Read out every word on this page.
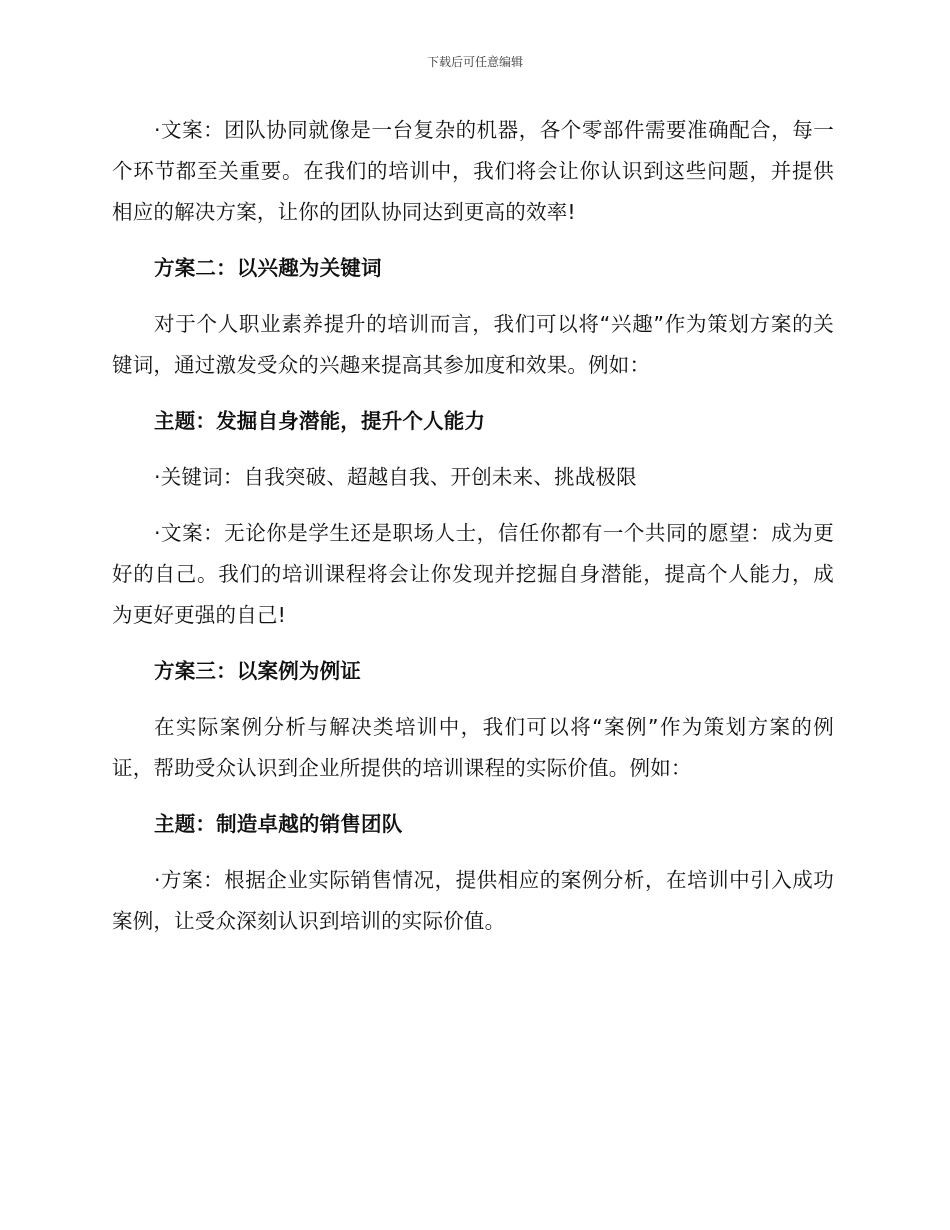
下载后可任意编辑

·文案：团队协同就像是一台复杂的机器，各个零部件需要准确配合，每一个环节都至关重要。在我们的培训中，我们将会让你认识到这些问题，并提供相应的解决方案，让你的团队协同达到更高的效率!

方案二：以兴趣为关键词

对于个人职业素养提升的培训而言，我们可以将“兴趣”作为策划方案的关键词，通过激发受众的兴趣来提高其参加度和效果。例如：

主题：发掘自身潜能，提升个人能力

·关键词：自我突破、超越自我、开创未来、挑战极限

·文案：无论你是学生还是职场人士，信任你都有一个共同的愿望：成为更好的自己。我们的培训课程将会让你发现并挖掘自身潜能，提高个人能力，成为更好更强的自己!

方案三：以案例为例证

在实际案例分析与解决类培训中，我们可以将“案例”作为策划方案的例证，帮助受众认识到企业所提供的培训课程的实际价值。例如：

主题：制造卓越的销售团队

·方案：根据企业实际销售情况，提供相应的案例分析，在培训中引入成功案例，让受众深刻认识到培训的实际价值。
